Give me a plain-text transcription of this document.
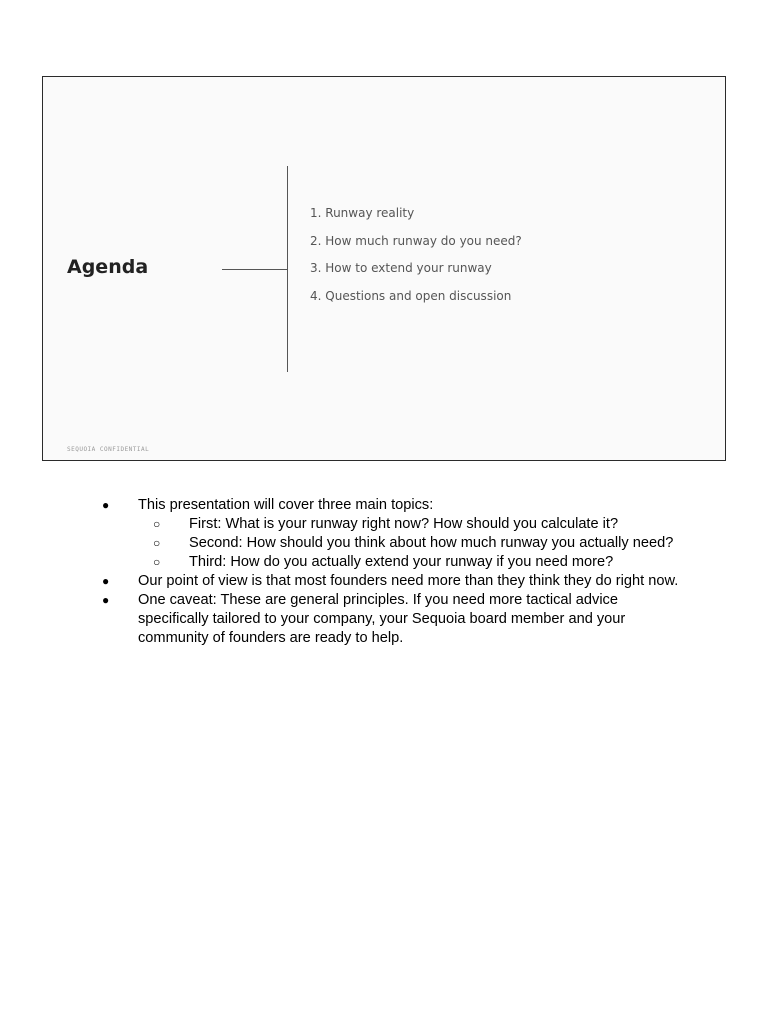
Agenda
1. Runway reality
2. How much runway do you need?
3. How to extend your runway
4. Questions and open discussion
SEQUOIA CONFIDENTIAL
● This presentation will cover three main topics:
○ First: What is your runway right now? How should you calculate it?
○ Second: How should you think about how much runway you actually need?
○ Third: How do you actually extend your runway if you need more?
● Our point of view is that most founders need more than they think they do right now.
● One caveat: These are general principles. If you need more tactical advice specifically tailored to your company, your Sequoia board member and your community of founders are ready to help.
